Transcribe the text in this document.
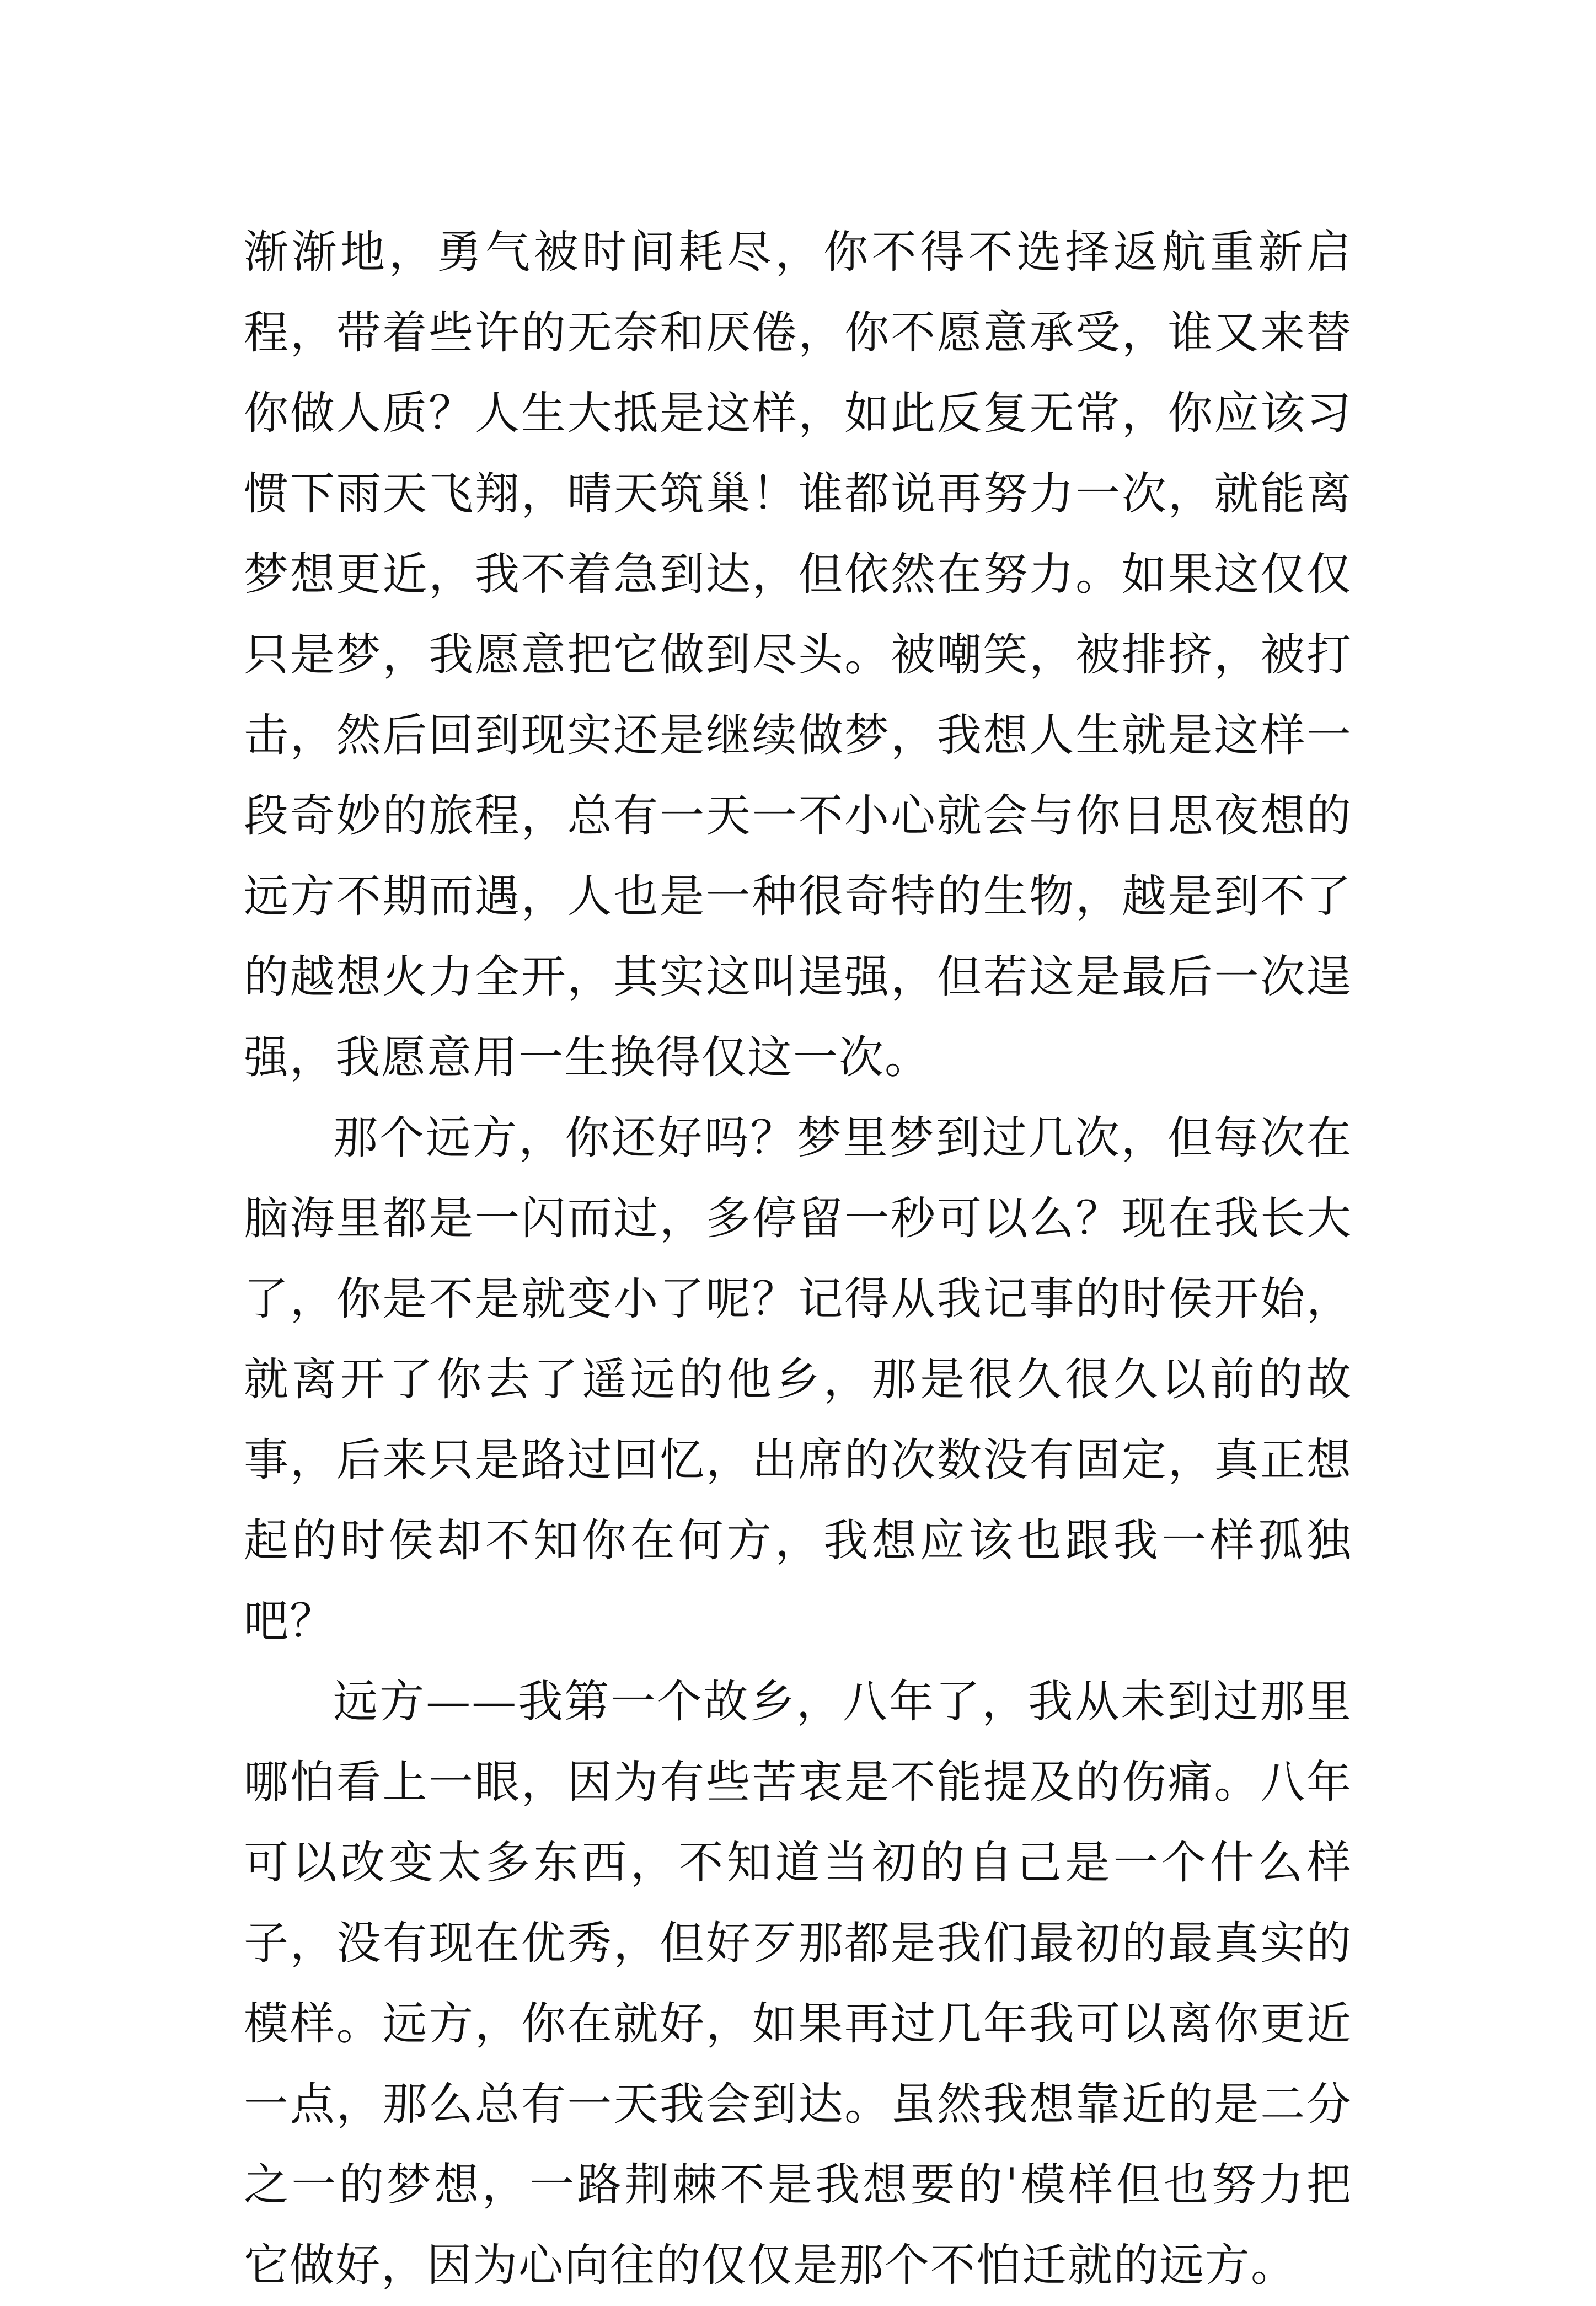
渐渐地，勇气被时间耗尽，你不得不选择返航重新启程，带着些许的无奈和厌倦，你不愿意承受，谁又来替你做人质？人生大抵是这样，如此反复无常，你应该习惯下雨天飞翔，晴天筑巢！谁都说再努力一次，就能离梦想更近，我不着急到达，但依然在努力。如果这仅仅只是梦，我愿意把它做到尽头。被嘲笑，被排挤，被打击，然后回到现实还是继续做梦，我想人生就是这样一段奇妙的旅程，总有一天一不小心就会与你日思夜想的远方不期而遇，人也是一种很奇特的生物，越是到不了的越想火力全开，其实这叫逞强，但若这是最后一次逞强，我愿意用一生换得仅这一次。

那个远方，你还好吗？梦里梦到过几次，但每次在脑海里都是一闪而过，多停留一秒可以么？现在我长大了，你是不是就变小了呢？记得从我记事的时侯开始，就离开了你去了遥远的他乡，那是很久很久以前的故事，后来只是路过回忆，出席的次数没有固定，真正想起的时侯却不知你在何方，我想应该也跟我一样孤独吧？

远方——我第一个故乡，八年了，我从未到过那里哪怕看上一眼，因为有些苦衷是不能提及的伤痛。八年可以改变太多东西，不知道当初的自己是一个什么样子，没有现在优秀，但好歹那都是我们最初的最真实的模样。远方，你在就好，如果再过几年我可以离你更近一点，那么总有一天我会到达。虽然我想靠近的是二分之一的梦想，一路荆棘不是我想要的'模样但也努力把它做好，因为心向往的仅仅是那个不怕迁就的远方。
